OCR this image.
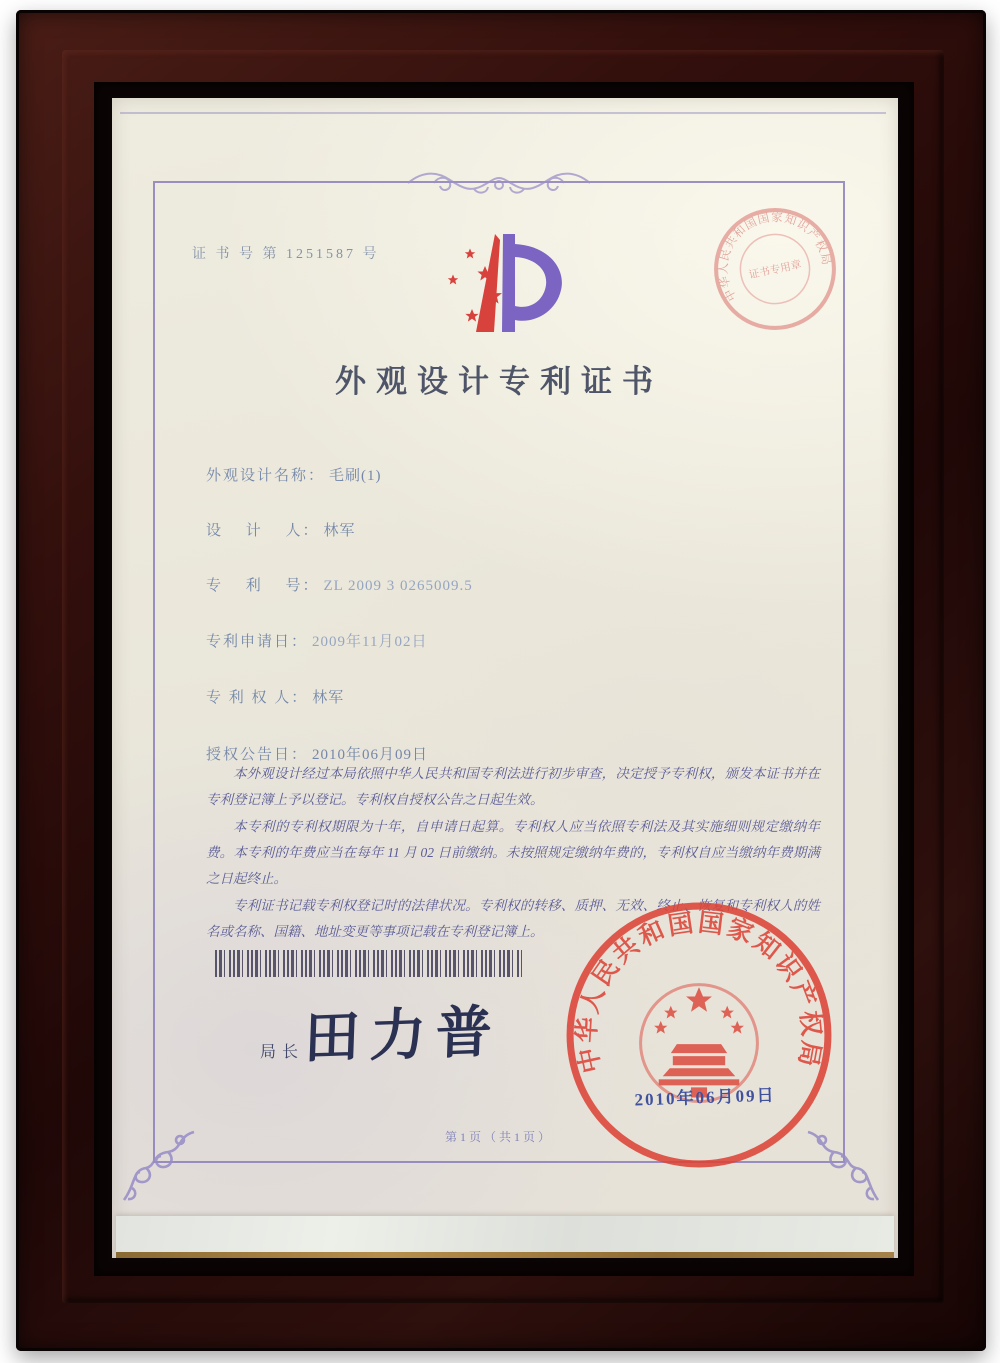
证 书 号 第 1251587 号
中华人民共和国国家知识产权局
证书专用章
外观设计专利证书
外观设计名称： 毛刷(1)
设　 计　 人： 林军
专　 利　 号： ZL 2009 3 0265009.5
专利申请日： 2009年11月02日
专 利 权 人： 林军
授权公告日： 2010年06月09日

本外观设计经过本局依照中华人民共和国专利法进行初步审查，决定授予专利权，颁发本证书并在专利登记簿上予以登记。专利权自授权公告之日起生效。

本专利的专利权期限为十年，自申请日起算。专利权人应当依照专利法及其实施细则规定缴纳年费。本专利的年费应当在每年 11 月 02 日前缴纳。未按照规定缴纳年费的，专利权自应当缴纳年费期满之日起终止。

专利证书记载专利权登记时的法律状况。专利权的转移、质押、无效、终止、恢复和专利权人的姓名或名称、国籍、地址变更等事项记载在专利登记簿上。

局长
田力普	中华人民共和国国家知识产权局
2010年06月09日
第1页（共1页）
